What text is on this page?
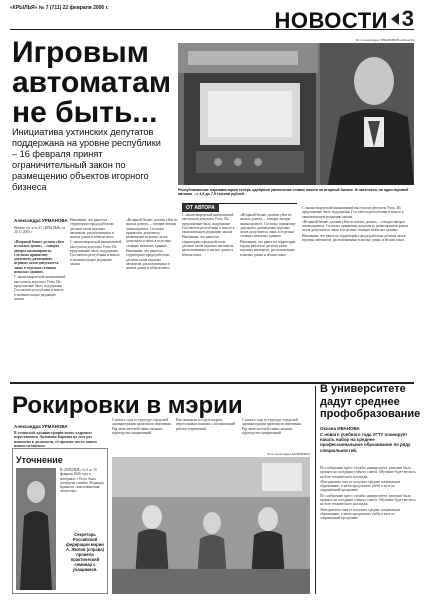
«КРЫЛЬЯ» № 7 (711) 22 февраля 2006 г.	НОВОСТИ 3
Игровым автоматам не быть...
Инициатива ухтинских депутатов поддержана на уровне республики – 16 февраля принят ограничительный закон по размещению объектов игорного бизнеса
Александра УРМАНОВА
Начало см. в № 47 «КРЫЛЬЯ» от 20.11.2005 г.

«Игорный бизнес должен уйти из жилых домов», – говорят авторы законопроекта. Согласно принятому документу, размещение игровых залов допускается лишь в отдельно стоящих нежилых зданиях.

С законотворческой инициативой выступили депутаты Ухты. Их предложение было поддержано Госсоветом республики и вошло в окончательную редакцию закона.

Напомним, что ранее на территории города работали десятки залов игровых автоматов, расположенных в жилых домах и вблизи школ.

С законотворческой инициативой выступили депутаты Ухты. Их предложение было поддержано Госсоветом республики и вошло в окончательную редакцию закона.

«Игорный бизнес должен уйти из жилых домов», – говорят авторы законопроекта. Согласно принятому документу, размещение игровых залов допускается лишь в отдельно стоящих нежилых зданиях.

Напомним, что ранее на территории города работали десятки залов игровых автоматов, расположенных в жилых домах и вблизи школ.

Фото Александры УРМАНОВОЙ и Ивана РА
Республиканские парламентарии теперь одобрили увеличение ставок налога на игорный бизнес. В частности, на один игровой автомат – с 4,5 до 7,5 тысячи рублей.
ОТ АВТОРА

С законотворческой инициативой выступили депутаты Ухты. Их предложение было поддержано Госсоветом республики и вошло в окончательную редакцию закона.

Напомним, что ранее на территории города работали десятки залов игровых автоматов, расположенных в жилых домах и вблизи школ.

«Игорный бизнес должен уйти из жилых домов», – говорят авторы законопроекта. Согласно принятому документу, размещение игровых залов допускается лишь в отдельно стоящих нежилых зданиях.

Напомним, что ранее на территории города работали десятки залов игровых автоматов, расположенных в жилых домах и вблизи школ.

С законотворческой инициативой выступили депутаты Ухты. Их предложение было поддержано Госсоветом республики и вошло в окончательную редакцию закона.

«Игорный бизнес должен уйти из жилых домов», – говорят авторы законопроекта. Согласно принятому документу, размещение игровых залов допускается лишь в отдельно стоящих нежилых зданиях.

Напомним, что ранее на территории города работали десятки залов игровых автоматов, расположенных в жилых домах и вблизи школ.

Рокировки в мэрии
Александра УРМАНОВА
В ухтинской администрации опять кадровые перестановки. Антонина Карпова на этот раз понижена в должности, её прежнее место занято новым человеком.

С нового года в структуре городской администрации произошли изменения. Ряд заместителей главы сменили кураторство направлений.

Как пояснили в отделе кадров, перестановки связаны с оптимизацией работы управлений.

С нового года в структуре городской администрации произошли изменения. Ряд заместителей главы сменили кураторство направлений.

Уточнение
В «КРЫЛЬЯ» № 6 от 15 февраля 2006 года в материале «Ухта» была допущена ошибка. Редакция приносит свои извинения читателям.
Секретарь Российской федерации мэрии А. Жилов (справа) провела практический семинар с учащимися.
Фото Александры ДАНИЛЕНКО
В университете дадут среднее профобразование
Оксана ИВАНОВА
С нового учебного года УГТУ планирует начать набор на среднее профессиональное образование по ряду специальностей.

По сообщению пресс-службы университета, решение было принято на заседании учёного совета. Обучение будет вестись на базе технического колледжа.

Абитуриенты смогут получить среднее специальное образование, а затем продолжить учёбу в вузе по сокращённой программе.

По сообщению пресс-службы университета, решение было принято на заседании учёного совета. Обучение будет вестись на базе технического колледжа.

Абитуриенты смогут получить среднее специальное образование, а затем продолжить учёбу в вузе по сокращённой программе.
